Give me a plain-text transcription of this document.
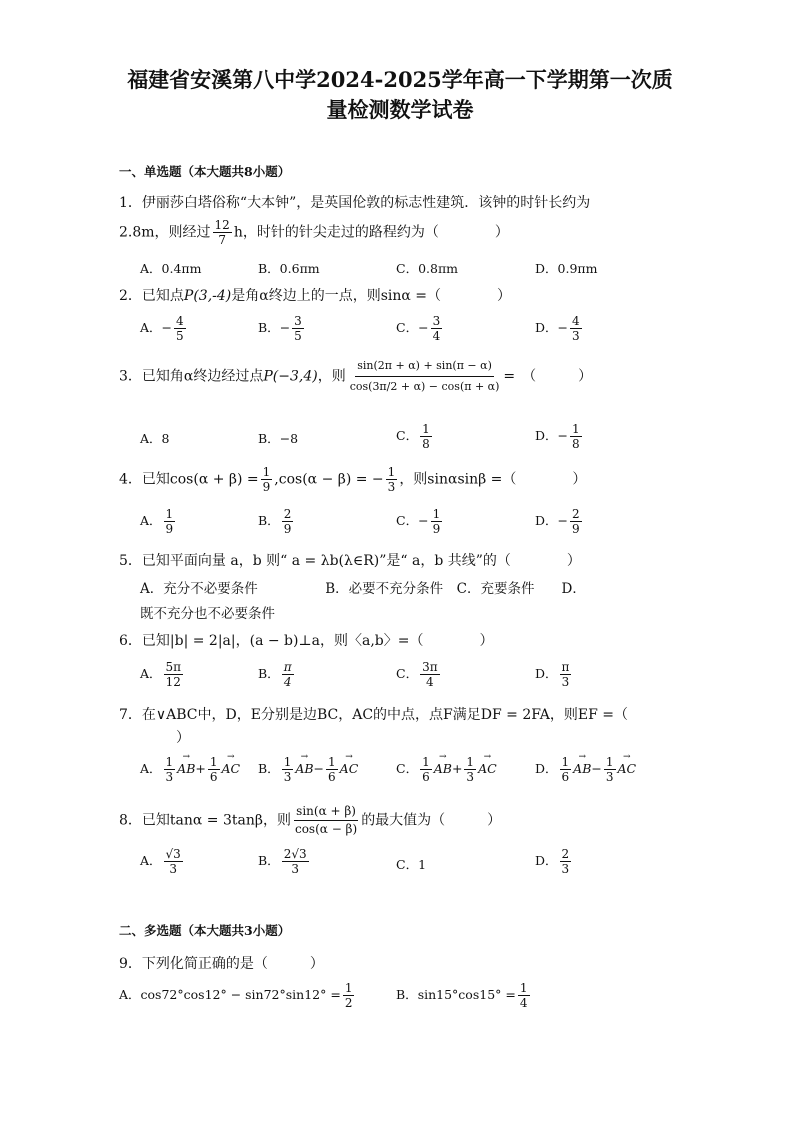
福建省安溪第八中学2024-2025学年高一下学期第一次质
量检测数学试卷
一、单选题（本大题共8小题）
1．伊丽莎白塔俗称“大本钟”，是英国伦敦的标志性建筑．该钟的时针长约为
2.8m，则经过 $\frac{12}{7}$ h，时针的针尖走过的路程约为（　　　　）
A．0.4πm	B．0.6πm	C．0.8πm	D．0.9πm
2．已知点P(3,-4)是角α终边上的一点，则sinα =（　　　　）
A．− $\frac{4}{5}$	B．− $\frac{3}{5}$	C．− $\frac{3}{4}$	D．− $\frac{4}{3}$
3．已知角α终边经过点P(−3,4)，则 $\frac{\sin(2\pi + \alpha) + \sin(\pi - \alpha)}{\cos(3\pi/2 + \alpha) - \cos(\pi + \alpha)}$ =　（　　　）
A．8	B．−8	C． $\frac{1}{8}$	D．− $\frac{1}{8}$
4．已知$\cos(\alpha + \beta) = \frac{1}{9} ,\cos(\alpha - \beta)$ = − $\frac{1}{3}$ ，则sinαsinβ =（　　　　）
A． $\frac{1}{9}$	B． $\frac{2}{9}$	C．− $\frac{1}{9}$	D．− $\frac{2}{9}$
5．已知平面向量 a，b 则“ a = λb(λ∈R)”是“ a，b 共线”的（　　　　）
A．充分不必要条件　　　　　B．必要不充分条件　C．充要条件　　D．
既不充分也不必要条件
6．已知|b| = 2|a|，(a − b)⊥a，则〈a,b〉=（　　　　）
A． $\frac{5\pi}{12}$	B． $\frac{\pi}{4}$	C． $\frac{3\pi}{4}$	D． $\frac{\pi}{3}$
7．在∨ABC中，D，E分别是边BC，AC的中点，点F满足DF = 2FA，则EF =（
）
A． $\frac{1}{3}$
→ $AB+ \frac{1}{6}$
→ AC B． $\frac{1}{3}$
→ $AB- \frac{1}{6}$
→ AC	C． $\frac{1}{6}$
→ $AB+ \frac{1}{3}$
→ AC	D． $\frac{1}{6}$
→ $AB- \frac{1}{3}$
→ AC
8．已知tanα = 3tanβ，则 $\frac{\sin(\alpha + \beta)}{\cos(\alpha - \beta)}$ 的最大值为（　　　）
A． $\frac{√3}{3}$	B． $\frac{2√3}{3}$	C．1	D． $\frac{2}{3}$
二、多选题（本大题共3小题）
9．下列化简正确的是（　　　）
A．$\cos 72^\circ\cos 12^\circ - \sin 72^\circ\sin 12^\circ = \frac{1}{2}$	B．$\sin 15^\circ\cos 15^\circ = \frac{1}{4}$
